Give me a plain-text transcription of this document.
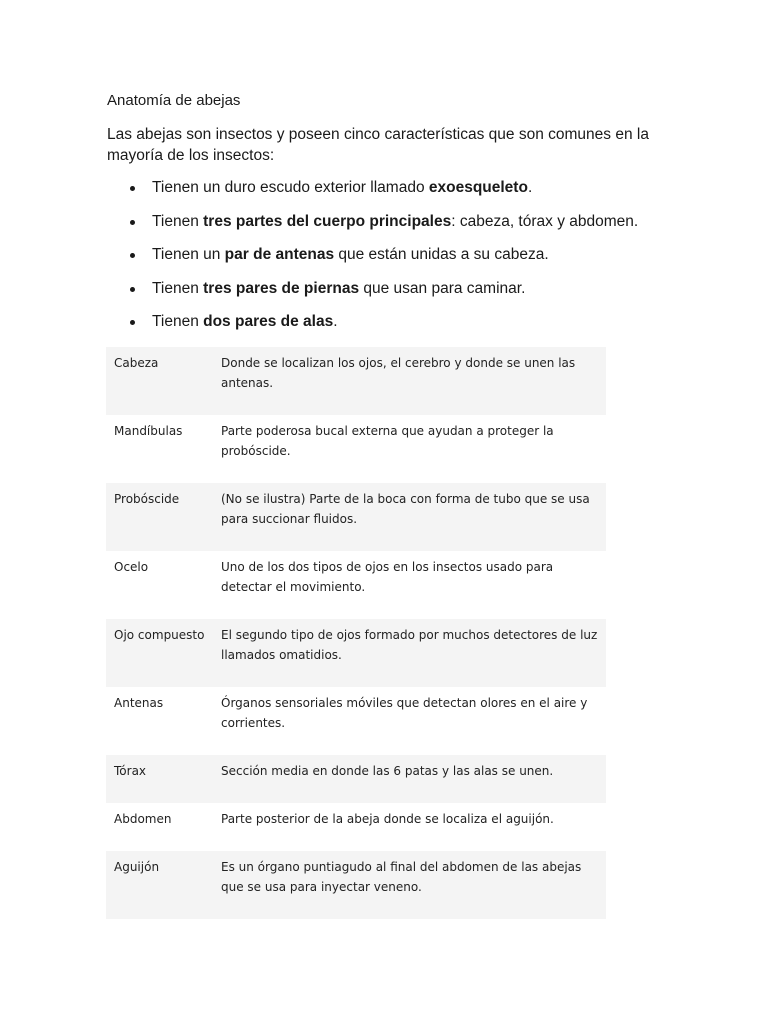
Anatomía de abejas

Las abejas son insectos y poseen cinco características que son comunes en la mayoría de los insectos:

Tienen un duro escudo exterior llamado exoesqueleto.
Tienen tres partes del cuerpo principales: cabeza, tórax y abdomen.
Tienen un par de antenas que están unidas a su cabeza.
Tienen tres pares de piernas que usan para caminar.
Tienen dos pares de alas.
Cabeza	Donde se localizan los ojos, el cerebro y donde se unen las antenas.
Mandíbulas	Parte poderosa bucal externa que ayudan a proteger la probóscide.
Probóscide	(No se ilustra) Parte de la boca con forma de tubo que se usa para succionar fluidos.
Ocelo	Uno de los dos tipos de ojos en los insectos usado para detectar el movimiento.
Ojo compuesto	El segundo tipo de ojos formado por muchos detectores de luz llamados omatidios.
Antenas	Órganos sensoriales móviles que detectan olores en el aire y corrientes.
Tórax	Sección media en donde las 6 patas y las alas se unen.
Abdomen	Parte posterior de la abeja donde se localiza el aguijón.
Aguijón	Es un órgano puntiagudo al final del abdomen de las abejas que se usa para inyectar veneno.
